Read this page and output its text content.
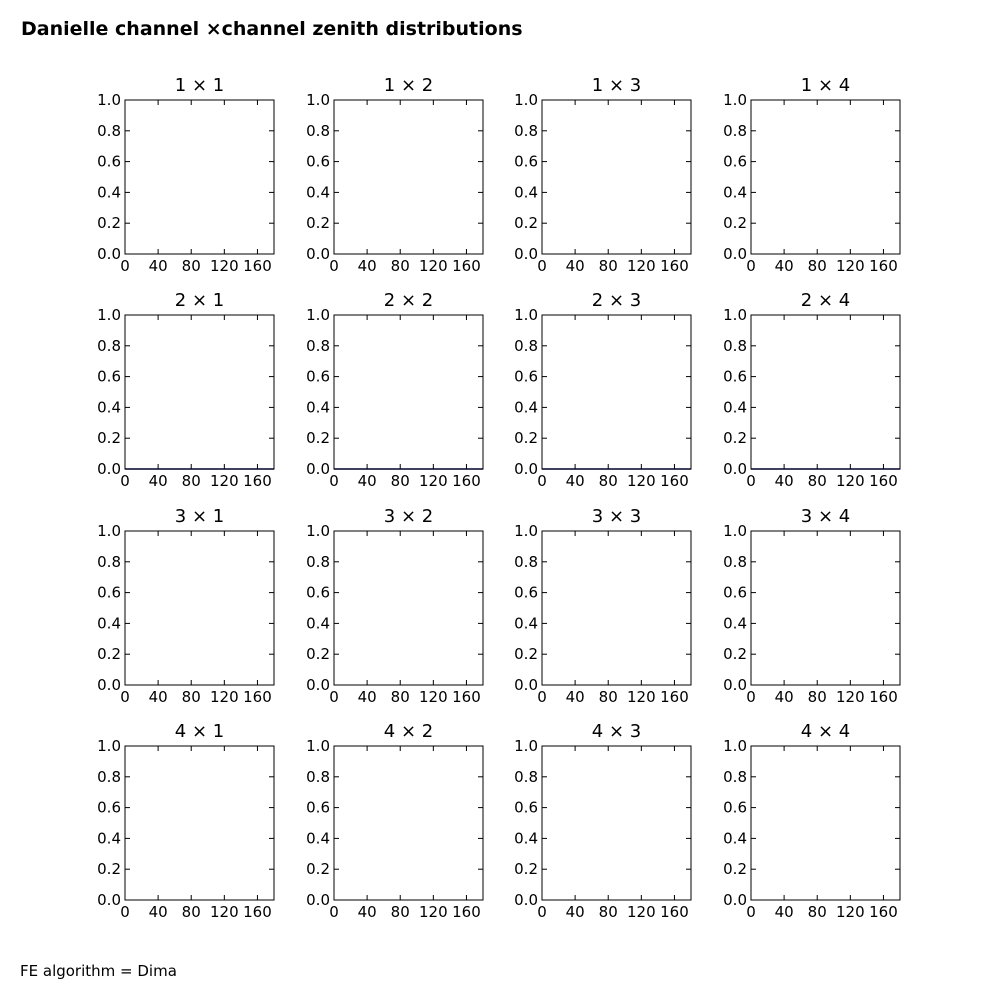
Danielle channel ×channel zenith distributions
0 40 80 120 160
0.0
0.2
0.4
0.6
0.8
1.0
1 × 1
0 40 80 120 160
0.0
0.2
0.4
0.6
0.8
1.0
1 × 2
0 40 80 120 160
0.0
0.2
0.4
0.6
0.8
1.0
1 × 3
0 40 80 120 160
0.0
0.2
0.4
0.6
0.8
1.0
1 × 4
0 40 80 120 160
0.0
0.2
0.4
0.6
0.8
1.0
2 × 1
0 40 80 120 160
0.0
0.2
0.4
0.6
0.8
1.0
2 × 2
0 40 80 120 160
0.0
0.2
0.4
0.6
0.8
1.0
2 × 3
0 40 80 120 160
0.0
0.2
0.4
0.6
0.8
1.0
2 × 4
0 40 80 120 160
0.0
0.2
0.4
0.6
0.8
1.0
3 × 1
0 40 80 120 160
0.0
0.2
0.4
0.6
0.8
1.0
3 × 2
0 40 80 120 160
0.0
0.2
0.4
0.6
0.8
1.0
3 × 3
0 40 80 120 160
0.0
0.2
0.4
0.6
0.8
1.0
3 × 4
0 40 80 120 160
0.0
0.2
0.4
0.6
0.8
1.0
4 × 1
0 40 80 120 160
0.0
0.2
0.4
0.6
0.8
1.0
4 × 2
0 40 80 120 160
0.0
0.2
0.4
0.6
0.8
1.0
4 × 3
0 40 80 120 160
0.0
0.2
0.4
0.6
0.8
1.0
4 × 4
FE algorithm = Dima
